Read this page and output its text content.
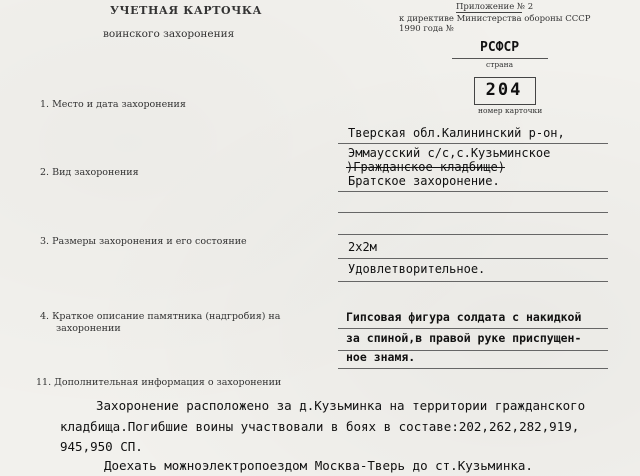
УЧЕТНАЯ КАРТОЧКА
воинского захоронения
Приложение № 2
к директиве Министерства обороны СССР
1990 года №
РСФСР
страна
204
номер карточки
1. Место и дата захоронения
Тверская обл.Калининский р-он,
Эммаусский с/с,с.Кузьминское
2. Вид захоронения	)Гражданское кладбище)
Братское захоронение.
3. Размеры захоронения и его состояние	2х2м
Удовлетворительное.
4. Краткое описание памятника (надгробия) на
захоронении
Гипсовая фигура солдата с накидкой
за спиной,в правой руке приспущен-
ное знамя.
11. Дополнительная информация о захоронении
Захоронение расположено за д.Кузьминка на территории гражданского
кладбища.Погибшие воины участвовали в боях в составе:202,262,282,919,
945,950 СП.
Доехать можноэлектропоездом Москва-Тверь до ст.Кузьминка.
